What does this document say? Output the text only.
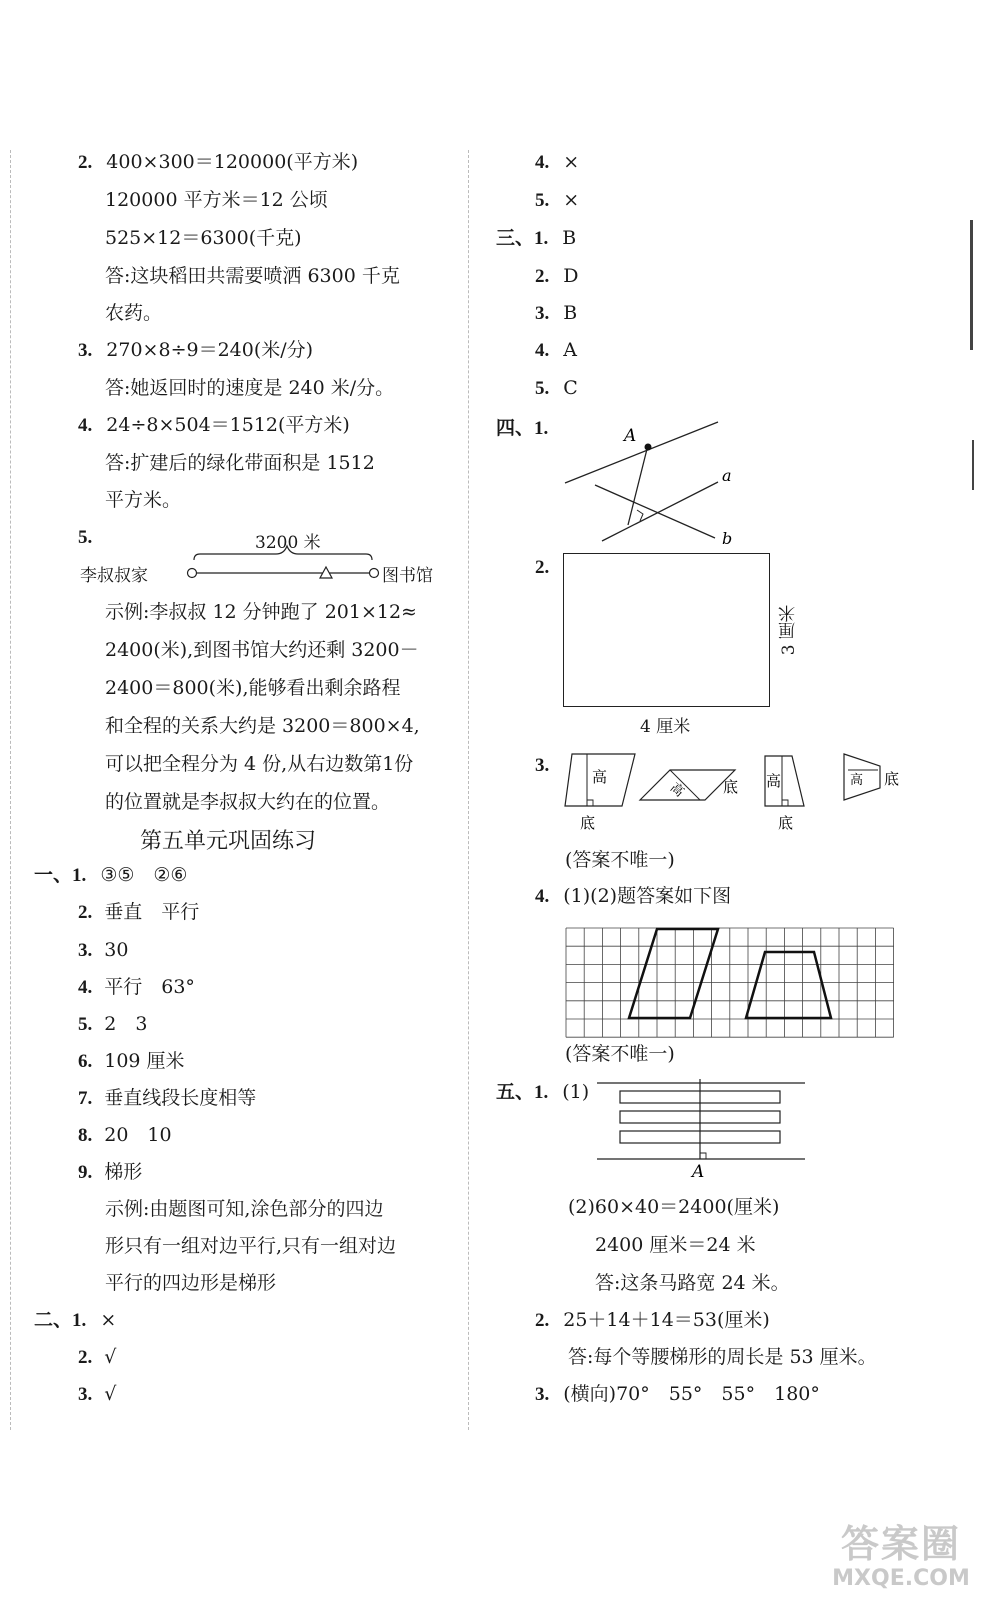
2. 400×300＝120000(平方米)
120000 平方米＝12 公顷
525×12＝6300(千克)
答:这块稻田共需要喷洒 6300 千克
农药。
3. 270×8÷9＝240(米/分)
答:她返回时的速度是 240 米/分。
4. 24÷8×504＝1512(平方米)
答:扩建后的绿化带面积是 1512
平方米。
5.	3200 米
李叔叔家	图书馆
示例:李叔叔 12 分钟跑了 201×12≈
2400(米),到图书馆大约还剩 3200－
2400＝800(米),能够看出剩余路程
和全程的关系大约是 3200＝800×4,
可以把全程分为 4 份,从右边数第1份
的位置就是李叔叔大约在的位置。
第五单元巩固练习
一、1. ③⑤　②⑥
2. 垂直　平行
3. 30
4. 平行　63°
5. 2　3
6. 109 厘米
7. 垂直线段长度相等
8. 20　10
9. 梯形
示例:由题图可知,涂色部分的四边
形只有一组对边平行,只有一组对边
平行的四边形是梯形
二、1. ×
2. √
3. √
4. ×
5. ×
三、1. B
2. D
3. B
4. A
5. C
四、1.	A
a
b
2.
4 厘米
3 厘米
3.
高
底
高 底 高
底
高 底
(答案不唯一)
4. (1)(2)题答案如下图
(答案不唯一)
五、1. (1)
A
(2)60×40＝2400(厘米)
2400 厘米＝24 米
答:这条马路宽 24 米。
2. 25＋14＋14＝53(厘米)
答:每个等腰梯形的周长是 53 厘米。
3. (横向)70°　55°　55°　180°
答案圈
MXQE.COM
